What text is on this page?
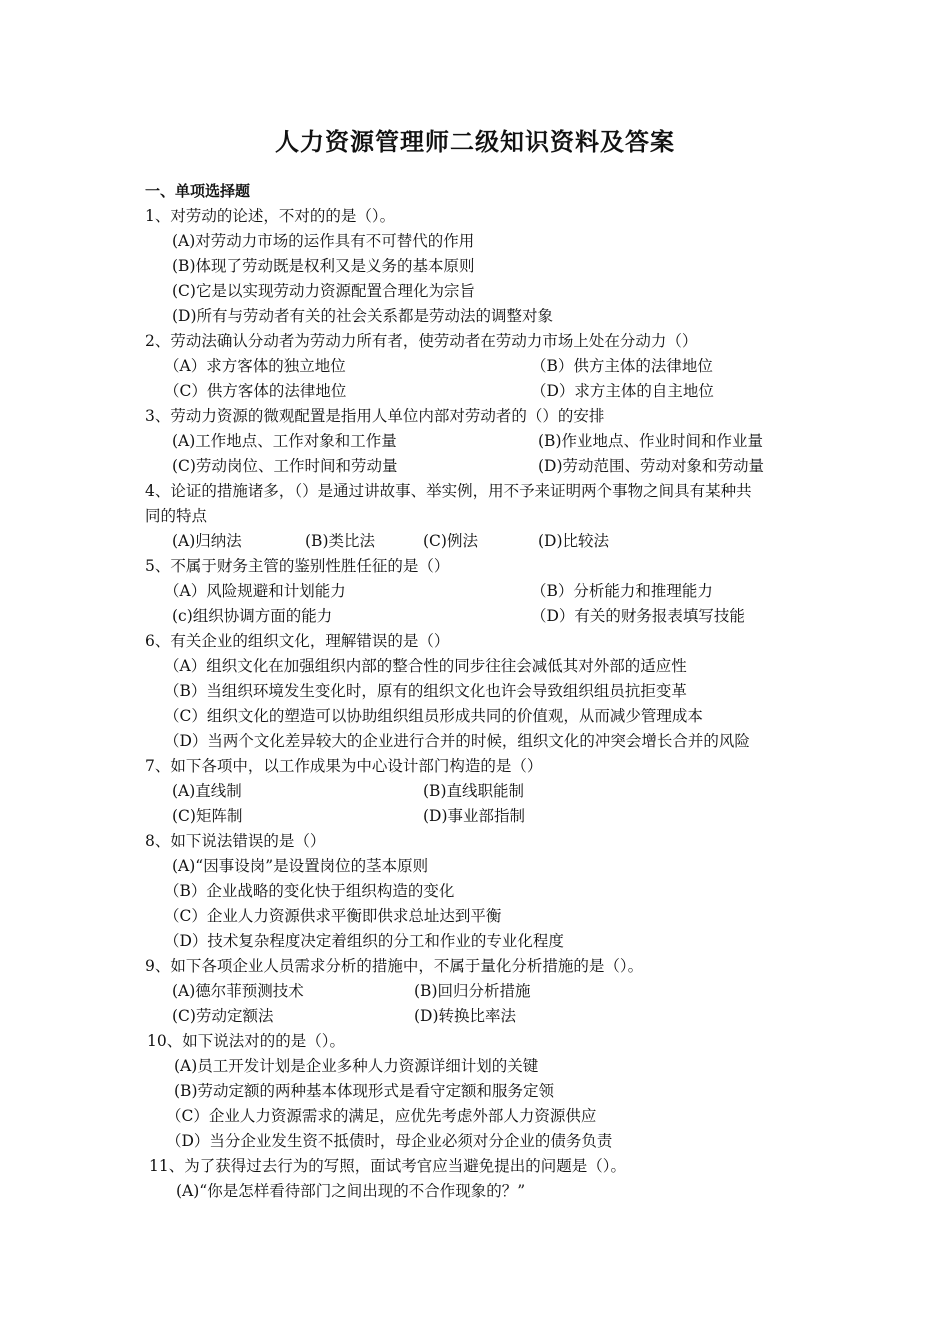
人力资源管理师二级知识资料及答案
一、单项选择题
1、对劳动的论述，不对的的是（）。
(A)对劳动力市场的运作具有不可替代的作用
(B)体现了劳动既是权利又是义务的基本原则
(C)它是以实现劳动力资源配置合理化为宗旨
(D)所有与劳动者有关的社会关系都是劳动法的调整对象
2、劳动法确认分动者为劳动力所有者，使劳动者在劳动力市场上处在分动力（）
（A）求方客体的独立地位	（B）供方主体的法律地位
（C）供方客体的法律地位	（D）求方主体的自主地位
3、劳动力资源的微观配置是指用人单位内部对劳动者的（）的安排
(A)工作地点、工作对象和工作量	(B)作业地点、作业时间和作业量
(C)劳动岗位、工作时间和劳动量	(D)劳动范围、劳动对象和劳动量
4、论证的措施诸多，（）是通过讲故事、举实例，用不予来证明两个事物之间具有某种共
同的特点
(A)归纳法	(B)类比法	(C)例法	(D)比较法
5、不属于财务主管的鉴别性胜任征的是（）
（A）风险规避和计划能力	（B）分析能力和推理能力
(c)组织协调方面的能力	（D）有关的财务报表填写技能
6、有关企业的组织文化，理解错误的是（）
（A）组织文化在加强组织内部的整合性的同步往往会减低其对外部的适应性
（B）当组织环境发生变化时，原有的组织文化也许会导致组织组员抗拒变革
（C）组织文化的塑造可以协助组织组员形成共同的价值观，从而减少管理成本
（D）当两个文化差异较大的企业进行合并的时候，组织文化的冲突会增长合并的风险
7、如下各项中，以工作成果为中心设计部门构造的是（）
(A)直线制	(B)直线职能制
(C)矩阵制	(D)事业部指制
8、如下说法错误的是（）
(A)“因事设岗”是设置岗位的茎本原则
（B）企业战略的变化快于组织构造的变化
（C）企业人力资源供求平衡即供求总址达到平衡
（D）技术复杂程度决定着组织的分工和作业的专业化程度
9、如下各项企业人员需求分析的措施中，不属于量化分析措施的是（）。
(A)德尔菲预测技术	(B)回归分析措施
(C)劳动定额法	(D)转换比率法
10、如下说法对的的是（）。
(A)员工开发计划是企业多种人力资源详细计划的关键
(B)劳动定额的两种基本体现形式是看守定额和服务定领
（C）企业人力资源需求的满足，应优先考虑外部人力资源供应
（D）当分企业发生资不抵债时，母企业必须对分企业的债务负责
11、为了获得过去行为的写照，面试考官应当避免提出的问题是（）。
(A)“你是怎样看待部门之间出现的不合作现象的？”
